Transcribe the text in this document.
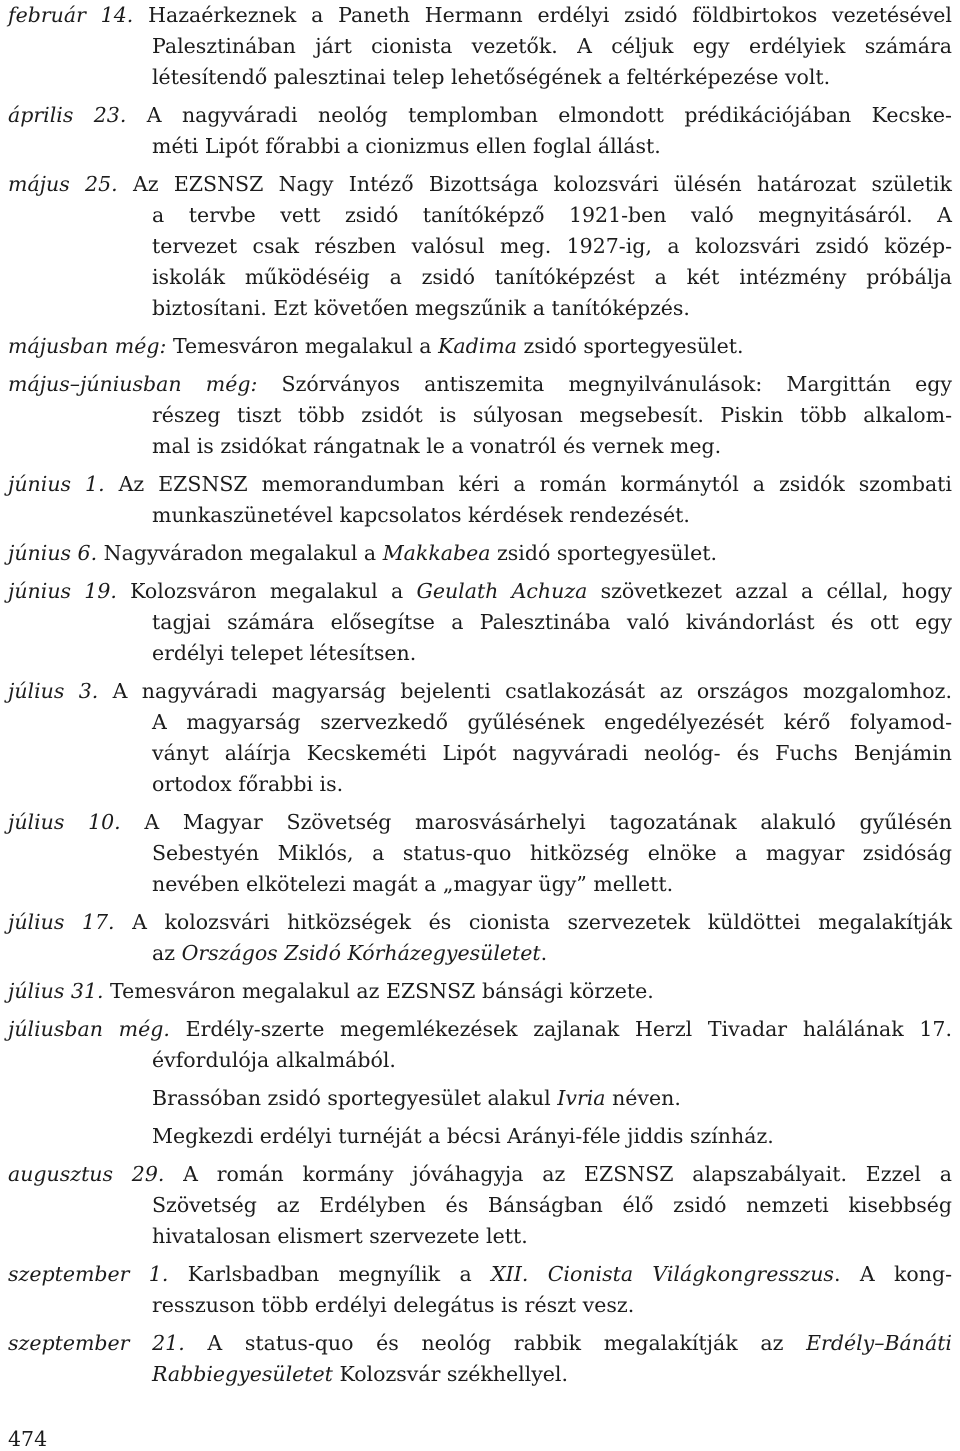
február 14. Hazaérkeznek a Paneth Hermann erdélyi zsidó földbirtokos vezetésével
Palesztinában járt cionista vezetők. A céljuk egy erdélyiek számára
létesítendő palesztinai telep lehetőségének a feltérképezése volt.
április 23. A nagyváradi neológ templomban elmondott prédikációjában Kecske-
méti Lipót főrabbi a cionizmus ellen foglal állást.
május 25. Az EZSNSZ Nagy Intéző Bizottsága kolozsvári ülésén határozat születik
a tervbe vett zsidó tanítóképző 1921-ben való megnyitásáról. A
tervezet csak részben valósul meg. 1927-ig, a kolozsvári zsidó közép-
iskolák működéséig a zsidó tanítóképzést a két intézmény próbálja
biztosítani. Ezt követően megszűnik a tanítóképzés.
májusban még: Temesváron megalakul a Kadima zsidó sportegyesület.
május–júniusban még: Szórványos antiszemita megnyilvánulások: Margittán egy
részeg tiszt több zsidót is súlyosan megsebesít. Piskin több alkalom-
mal is zsidókat rángatnak le a vonatról és vernek meg.
június 1. Az EZSNSZ memorandumban kéri a román kormánytól a zsidók szombati
munkaszünetével kapcsolatos kérdések rendezését.
június 6. Nagyváradon megalakul a Makkabea zsidó sportegyesület.
június 19. Kolozsváron megalakul a Geulath Achuza szövetkezet azzal a céllal, hogy
tagjai számára elősegítse a Palesztinába való kivándorlást és ott egy
erdélyi telepet létesítsen.
július 3. A nagyváradi magyarság bejelenti csatlakozását az országos mozgalomhoz.
A magyarság szervezkedő gyűlésének engedélyezését kérő folyamod-
ványt aláírja Kecskeméti Lipót nagyváradi neológ- és Fuchs Benjámin
ortodox főrabbi is.
július 10. A Magyar Szövetség marosvásárhelyi tagozatának alakuló gyűlésén
Sebestyén Miklós, a status-quo hitközség elnöke a magyar zsidóság
nevében elkötelezi magát a „magyar ügy” mellett.
július 17. A kolozsvári hitközségek és cionista szervezetek küldöttei megalakítják
az Országos Zsidó Kórházegyesületet.
július 31. Temesváron megalakul az EZSNSZ bánsági körzete.
júliusban még. Erdély-szerte megemlékezések zajlanak Herzl Tivadar halálának 17.
évfordulója alkalmából.
Brassóban zsidó sportegyesület alakul Ivria néven.
Megkezdi erdélyi turnéját a bécsi Arányi-féle jiddis színház.
augusztus 29. A román kormány jóváhagyja az EZSNSZ alapszabályait. Ezzel a
Szövetség az Erdélyben és Bánságban élő zsidó nemzeti kisebbség
hivatalosan elismert szervezete lett.
szeptember 1. Karlsbadban megnyílik a XII. Cionista Világkongresszus. A kong-
resszuson több erdélyi delegátus is részt vesz.
szeptember 21. A status-quo és neológ rabbik megalakítják az Erdély–Bánáti
Rabbiegyesületet Kolozsvár székhellyel.
474
